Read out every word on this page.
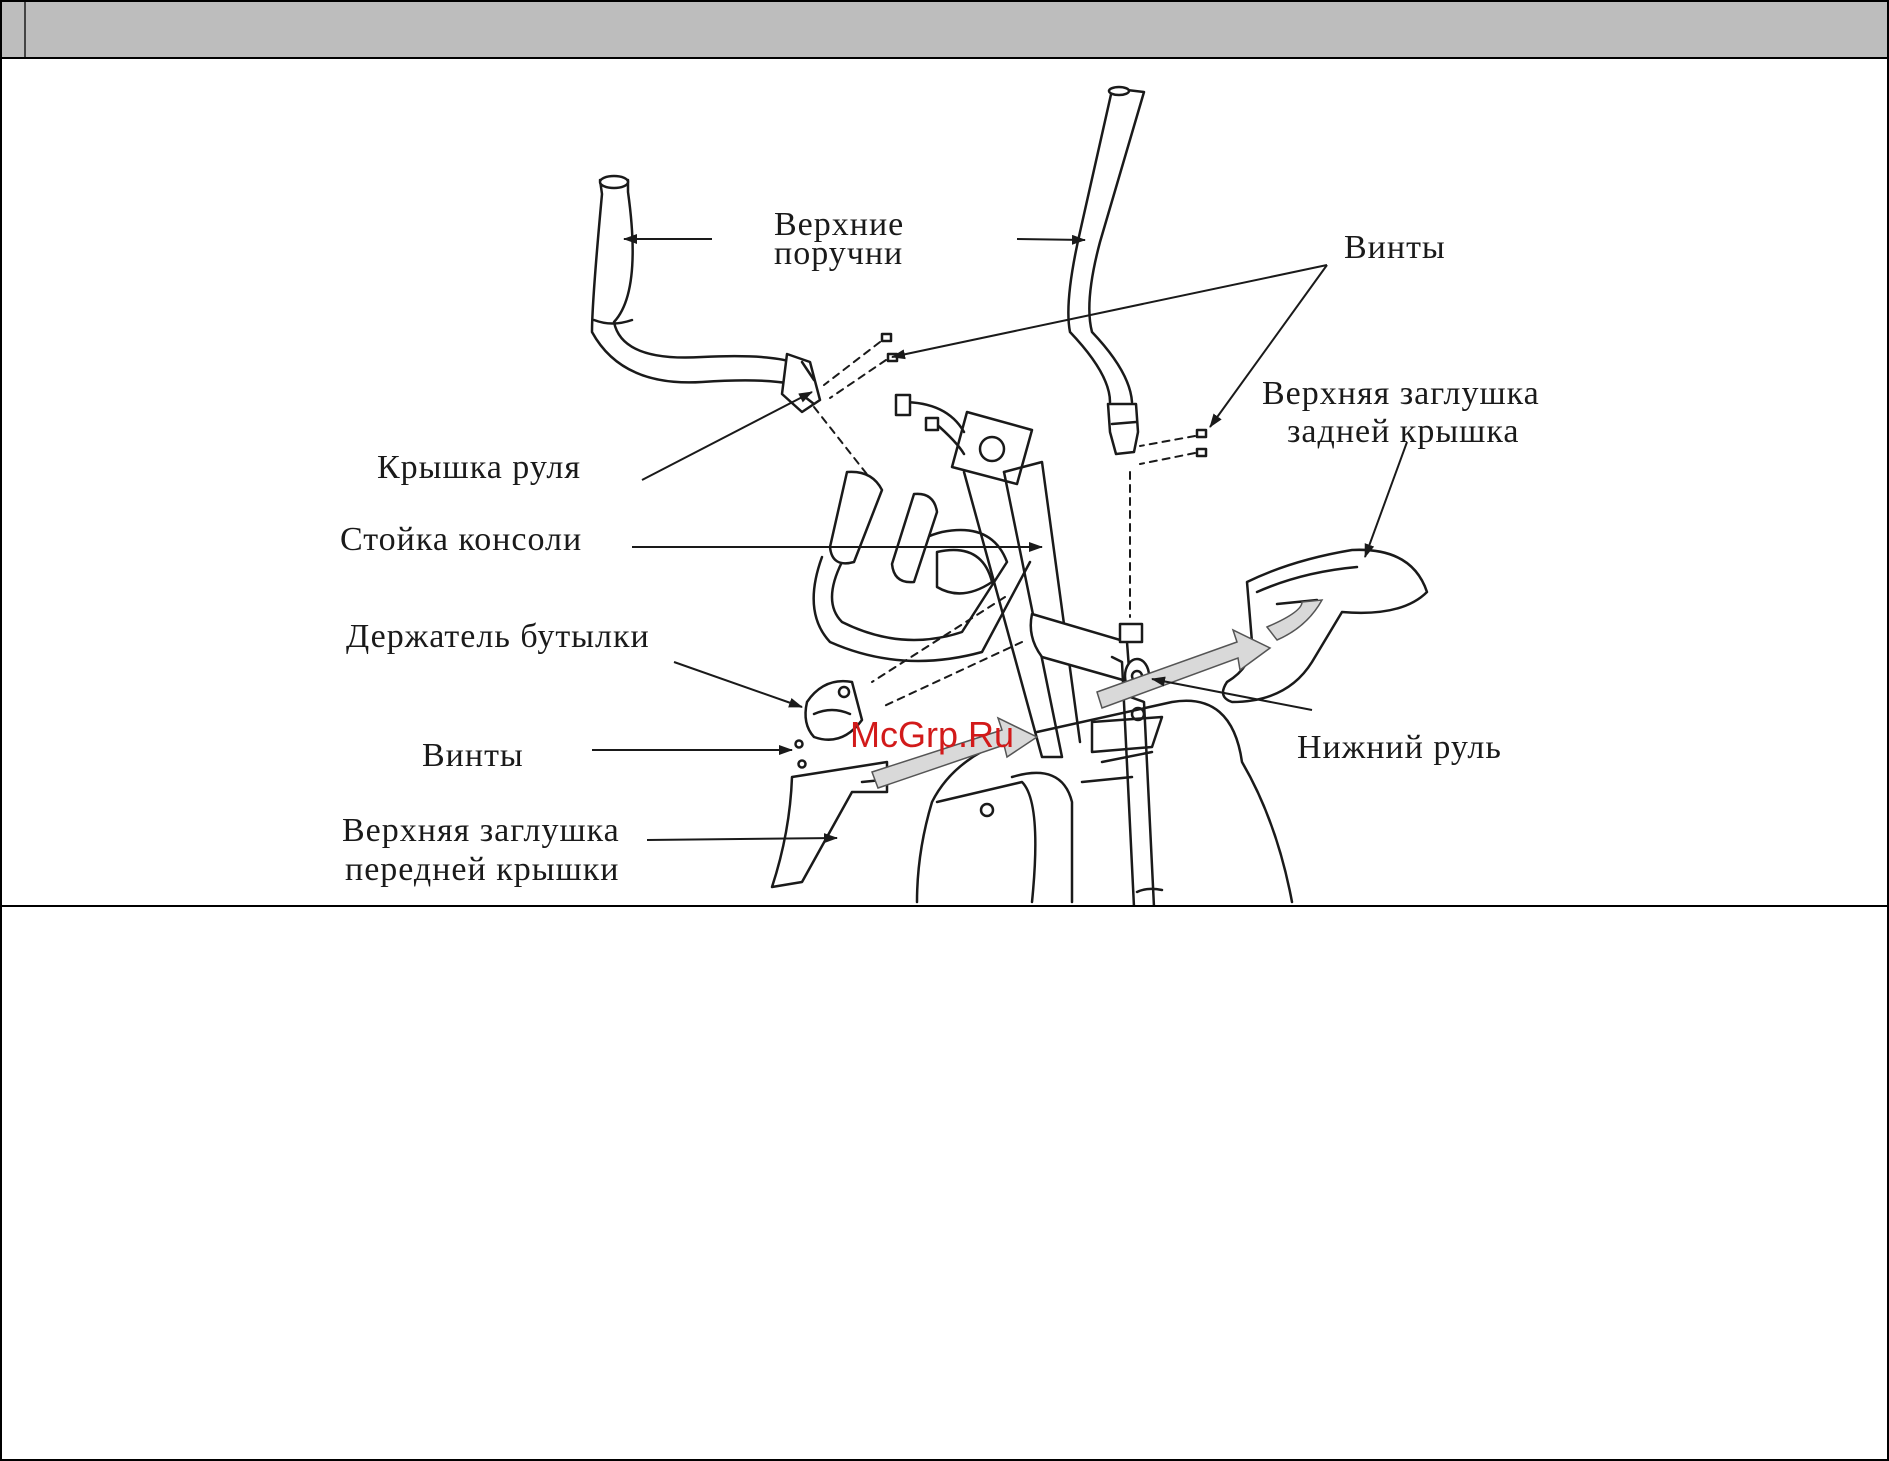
Верхние
поручни	Винты
Верхняя заглушка
задней крышка
Крышка руля
Стойка консоли
Держатель бутылки
Винты	Нижний руль
Верхняя заглушка
передней крышки
McGrp.Ru
